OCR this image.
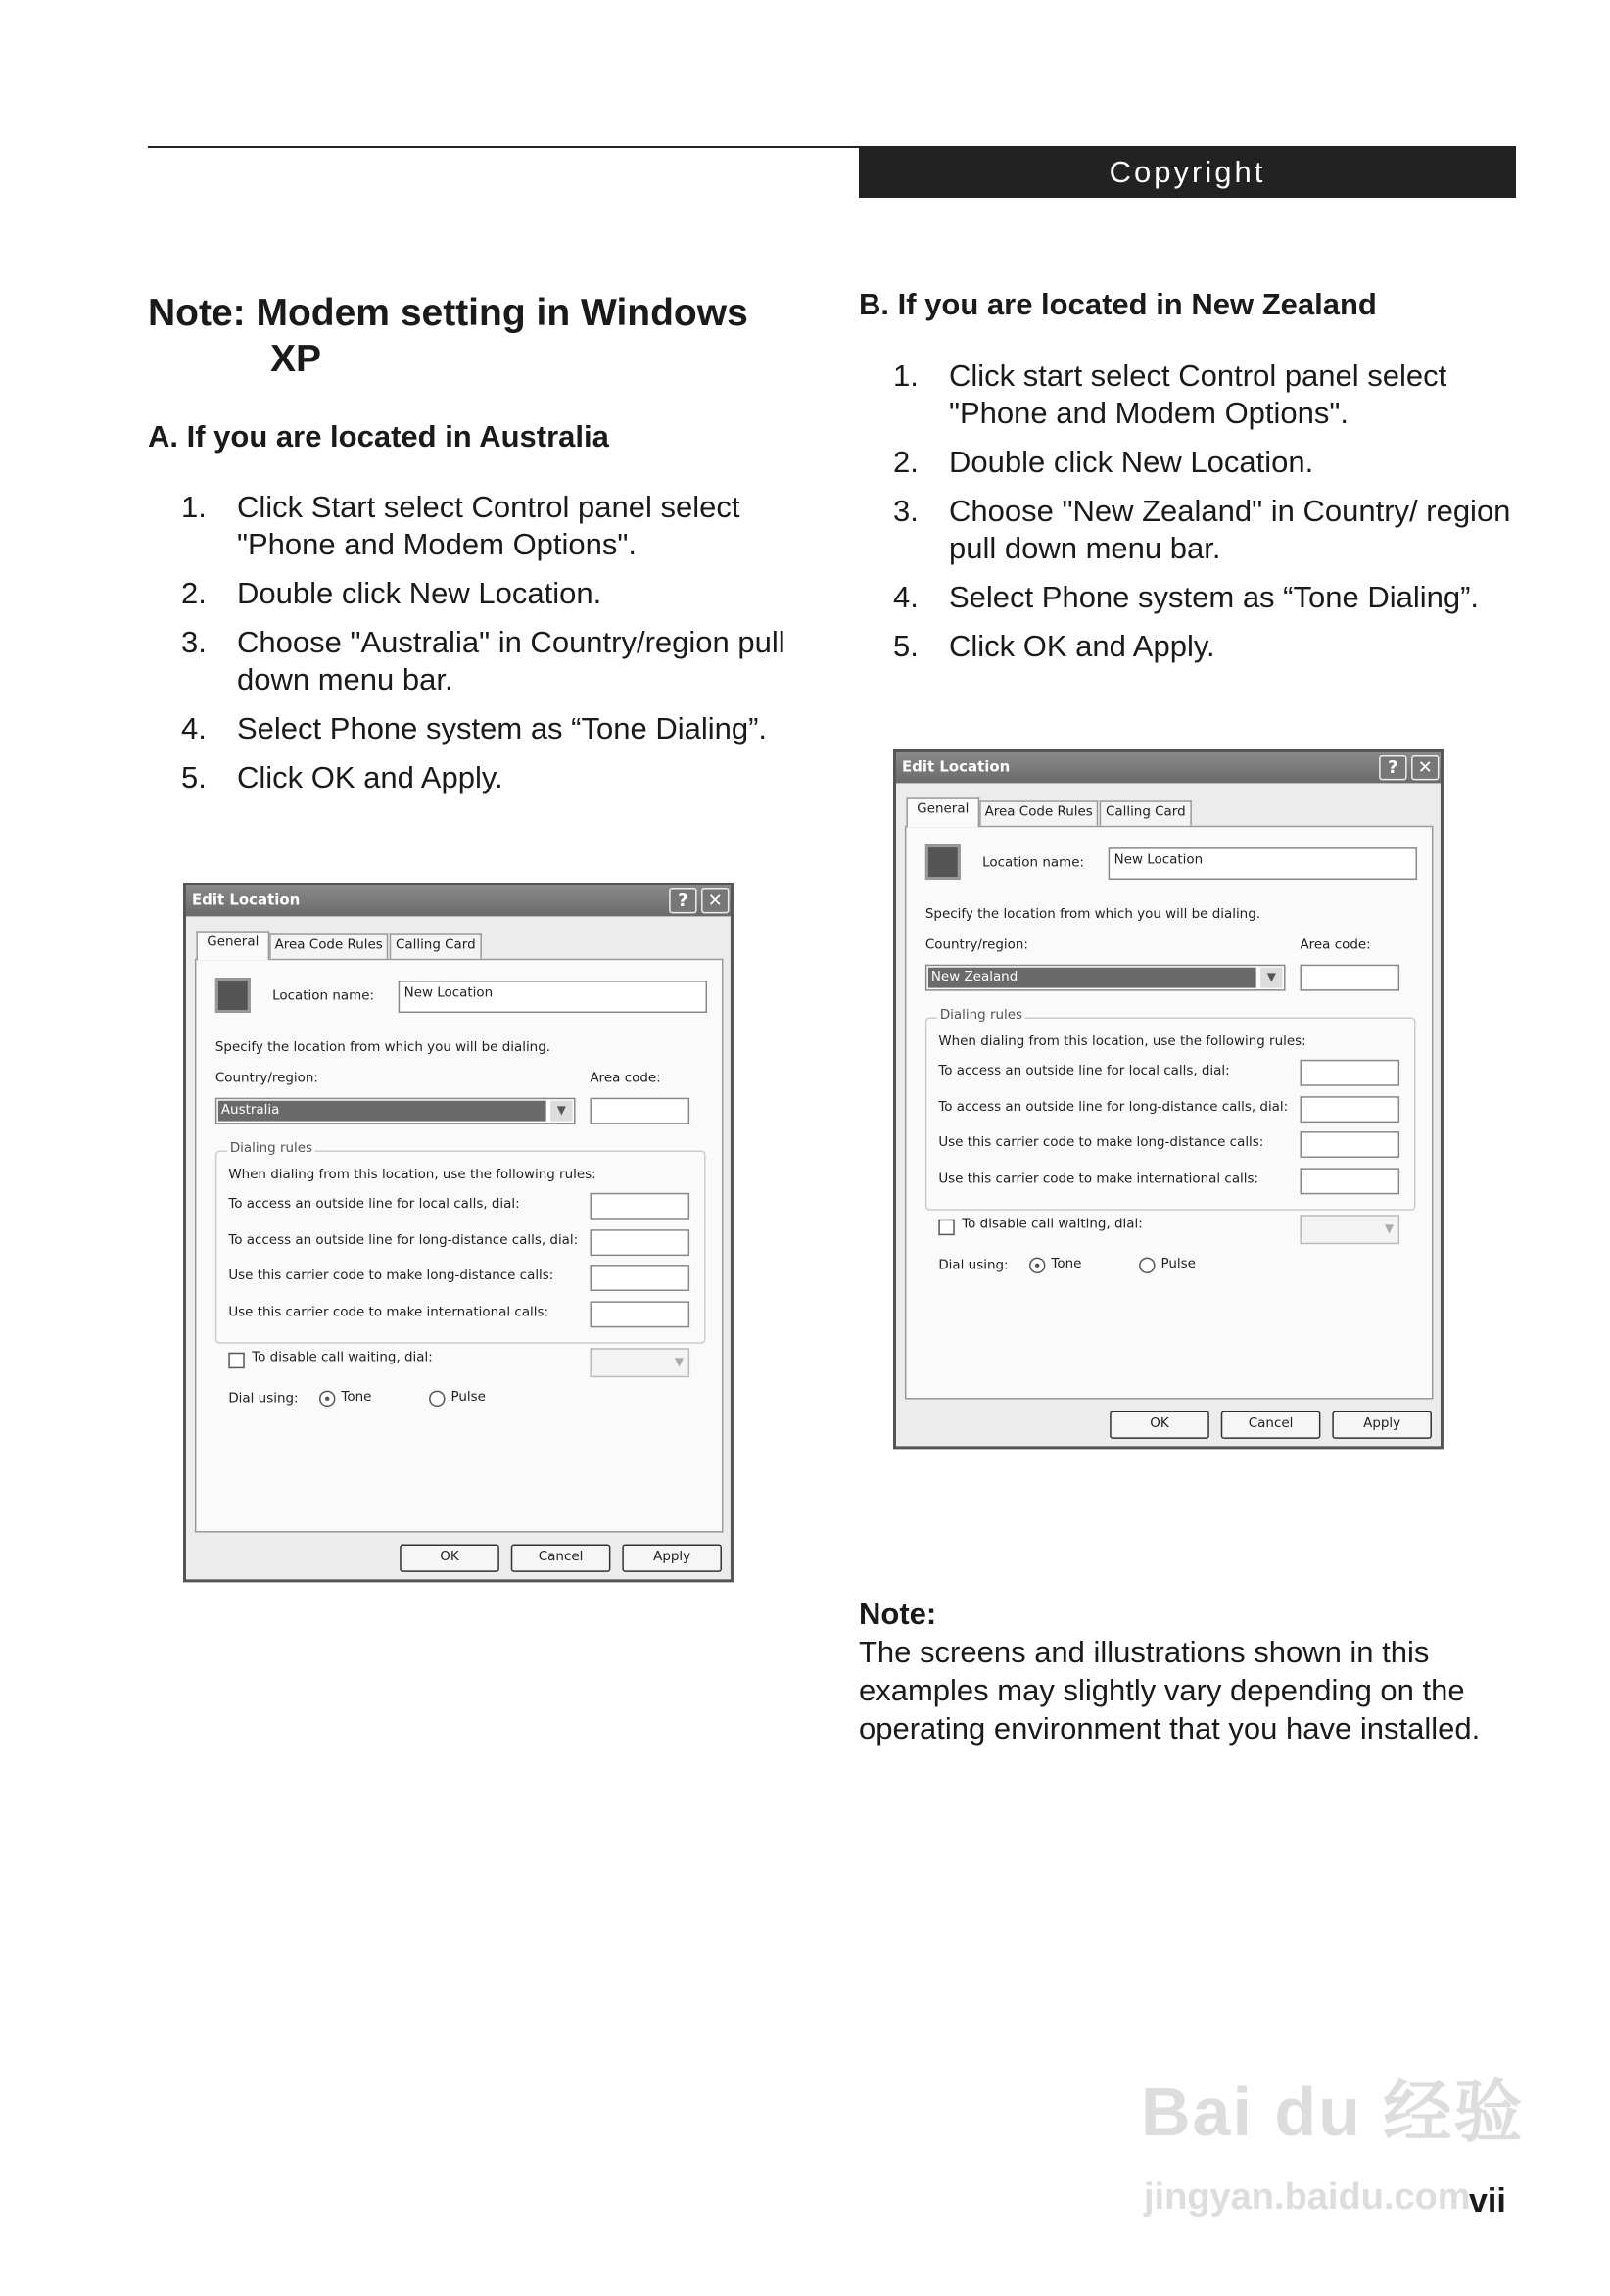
Copyright
Note: Modem setting in Windows
XP
A. If you are located in Australia
1. Click Start select Control panel select "Phone and Modem Options".
2. Double click New Location.
3. Choose "Australia" in Country/region pull down menu bar.
4. Select Phone system as “Tone Dialing”.
5. Click OK and Apply.
B. If you are located in New Zealand
1. Click start select Control panel select "Phone and Modem Options".
2. Double click New Location.
3. Choose "New Zealand" in Country/ region pull down menu bar.
4. Select Phone system as “Tone Dialing”.
5. Click OK and Apply.
Edit Location	?	✕
General	Area Code Rules	Calling Card
Location name:	New Location
Specify the location from which you will be dialing.
Country/region:	Area code:
Australia	▼
Dialing rules
When dialing from this location, use the following rules:
To access an outside line for local calls, dial:
To access an outside line for long-distance calls, dial:
Use this carrier code to make long-distance calls:
Use this carrier code to make international calls:
To disable call waiting, dial:	▼
Dial using:	Tone	Pulse
OK	Cancel	Apply
Edit Location	?	✕
General	Area Code Rules	Calling Card
Location name:	New Location
Specify the location from which you will be dialing.
Country/region:	Area code:
New Zealand	▼
Dialing rules
When dialing from this location, use the following rules:
To access an outside line for local calls, dial:
To access an outside line for long-distance calls, dial:
Use this carrier code to make long-distance calls:
Use this carrier code to make international calls:
To disable call waiting, dial:	▼
Dial using:	Tone	Pulse
OK	Cancel	Apply
Note:
The screens and illustrations shown in this examples may slightly vary depending on the operating environment that you have installed.
Bai du 经验
jingyan.baidu.com
vii
